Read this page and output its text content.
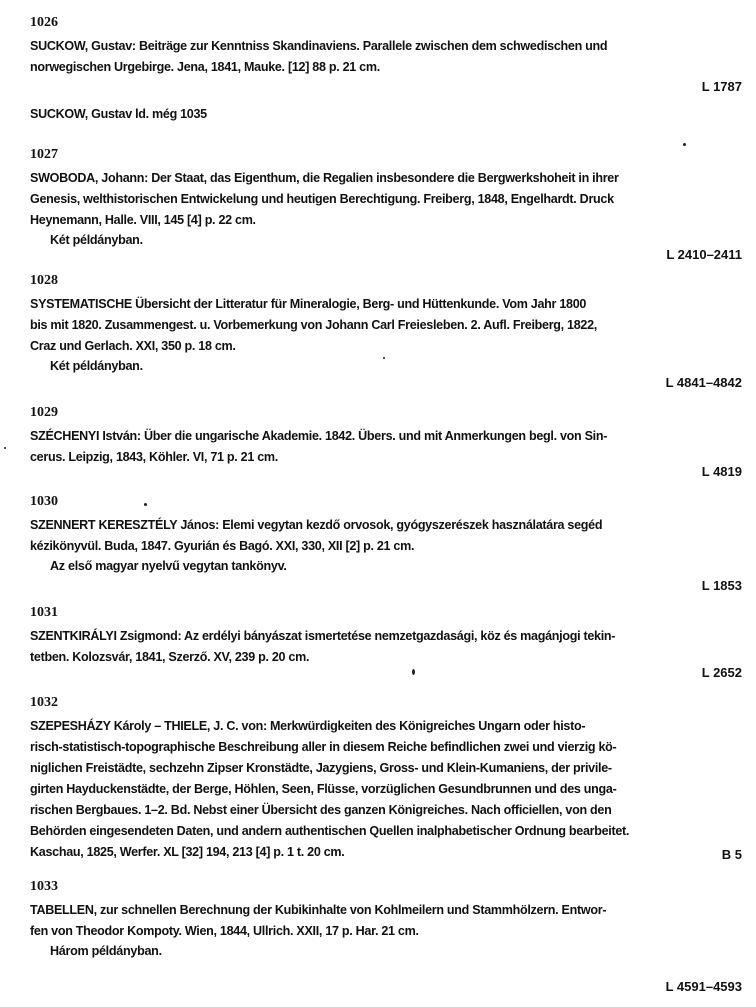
1026
SUCKOW, Gustav: Beiträge zur Kenntniss Skandinaviens. Parallele zwischen dem schwedischen und
norwegischen Urgebirge. Jena, 1841, Mauke. [12] 88 p. 21 cm.
L 1787
SUCKOW, Gustav ld. még 1035
1027
SWOBODA, Johann: Der Staat, das Eigenthum, die Regalien insbesondere die Bergwerkshoheit in ihrer
Genesis, welthistorischen Entwickelung und heutigen Berechtigung. Freiberg, 1848, Engelhardt. Druck
Heynemann, Halle. VIII, 145 [4] p. 22 cm.
Két példányban.
L 2410–2411
1028
SYSTEMATISCHE Übersicht der Litteratur für Mineralogie, Berg- und Hüttenkunde. Vom Jahr 1800
bis mit 1820. Zusammengest. u. Vorbemerkung von Johann Carl Freiesleben. 2. Aufl. Freiberg, 1822,
Craz und Gerlach. XXI, 350 p. 18 cm.
Két példányban.
L 4841–4842
1029
SZÉCHENYI István: Über die ungarische Akademie. 1842. Übers. und mit Anmerkungen begl. von Sin-
cerus. Leipzig, 1843, Köhler. VI, 71 p. 21 cm.
L 4819
1030
SZENNERT KERESZTÉLY János: Elemi vegytan kezdő orvosok, gyógyszerészek használatára segéd
kézikönyvül. Buda, 1847. Gyurián és Bagó. XXI, 330, XII [2] p. 21 cm.
Az első magyar nyelvű vegytan tankönyv.
L 1853
1031
SZENTKIRÁLYI Zsigmond: Az erdélyi bányászat ismertetése nemzetgazdasági, köz és magánjogi tekin-
tetben. Kolozsvár, 1841, Szerző. XV, 239 p. 20 cm.
L 2652
1032
SZEPESHÁZY Károly – THIELE, J. C. von: Merkwürdigkeiten des Königreiches Ungarn oder histo-
risch-statistisch-topographische Beschreibung aller in diesem Reiche befindlichen zwei und vierzig kö-
niglichen Freistädte, sechzehn Zipser Kronstädte, Jazygiens, Gross- und Klein-Kumaniens, der privile-
girten Hayduckenstädte, der Berge, Höhlen, Seen, Flüsse, vorzüglichen Gesundbrunnen und des unga-
rischen Bergbaues. 1–2. Bd. Nebst einer Übersicht des ganzen Königreiches. Nach officiellen, von den
Behörden eingesendeten Daten, und andern authentischen Quellen inalphabetischer Ordnung bearbeitet.
Kaschau, 1825, Werfer. XL [32] 194, 213 [4] p. 1 t. 20 cm.	B 5
1033
TABELLEN, zur schnellen Berechnung der Kubikinhalte von Kohlmeilern und Stammhölzern. Entwor-
fen von Theodor Kompoty. Wien, 1844, Ullrich. XXII, 17 p. Har. 21 cm.
Három példányban.
L 4591–4593
